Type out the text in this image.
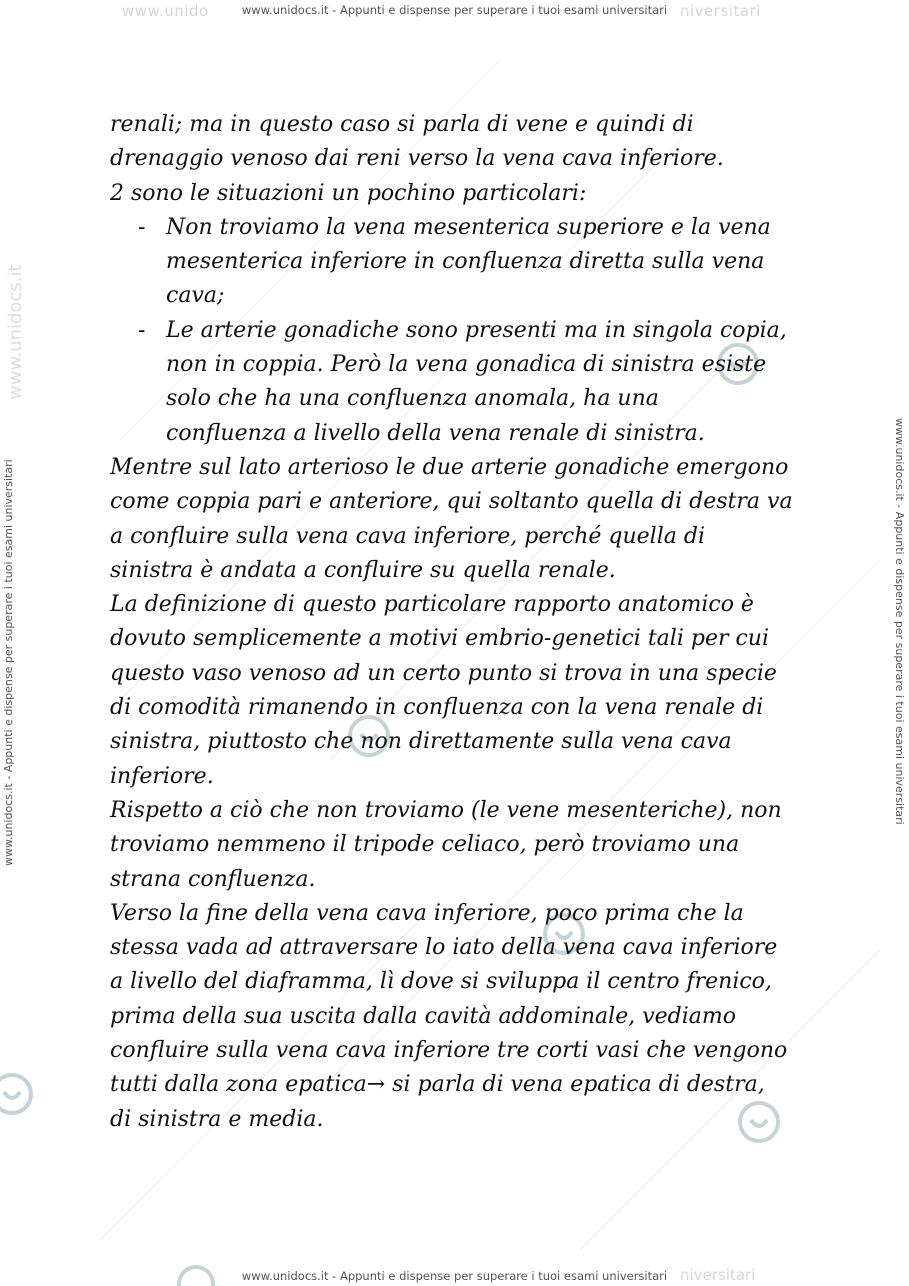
www.unido	niversitari
www.unidocs.it - Appunti e dispense per superare i tuoi esami universitari
www.unidocs.it
www.unidocs.it - Appunti e dispense per superare i tuoi esami universitari	www.unidocs.it - Appunti e dispense per superare i tuoi esami universitari

renali; ma in questo caso si parla di vene e quindi di

drenaggio venoso dai reni verso la vena cava inferiore.

2 sono le situazioni un pochino particolari:

- Non troviamo la vena mesenterica superiore e la vena
mesenterica inferiore in confluenza diretta sulla vena
cava;
- Le arterie gonadiche sono presenti ma in singola copia,
non in coppia. Però la vena gonadica di sinistra esiste
solo che ha una confluenza anomala, ha una
confluenza a livello della vena renale di sinistra.

Mentre sul lato arterioso le due arterie gonadiche emergono

come coppia pari e anteriore, qui soltanto quella di destra va

a confluire sulla vena cava inferiore, perché quella di

sinistra è andata a confluire su quella renale.

La definizione di questo particolare rapporto anatomico è

dovuto semplicemente a motivi embrio-genetici tali per cui

questo vaso venoso ad un certo punto si trova in una specie

di comodità rimanendo in confluenza con la vena renale di

sinistra, piuttosto che non direttamente sulla vena cava

inferiore.

Rispetto a ciò che non troviamo (le vene mesenteriche), non

troviamo nemmeno il tripode celiaco, però troviamo una

strana confluenza.

Verso la fine della vena cava inferiore, poco prima che la

stessa vada ad attraversare lo iato della vena cava inferiore

a livello del diaframma, lì dove si sviluppa il centro frenico,

prima della sua uscita dalla cavità addominale, vediamo

confluire sulla vena cava inferiore tre corti vasi che vengono

tutti dalla zona epatica→ si parla di vena epatica di destra,

di sinistra e media.

niversitari
www.unidocs.it - Appunti e dispense per superare i tuoi esami universitari
